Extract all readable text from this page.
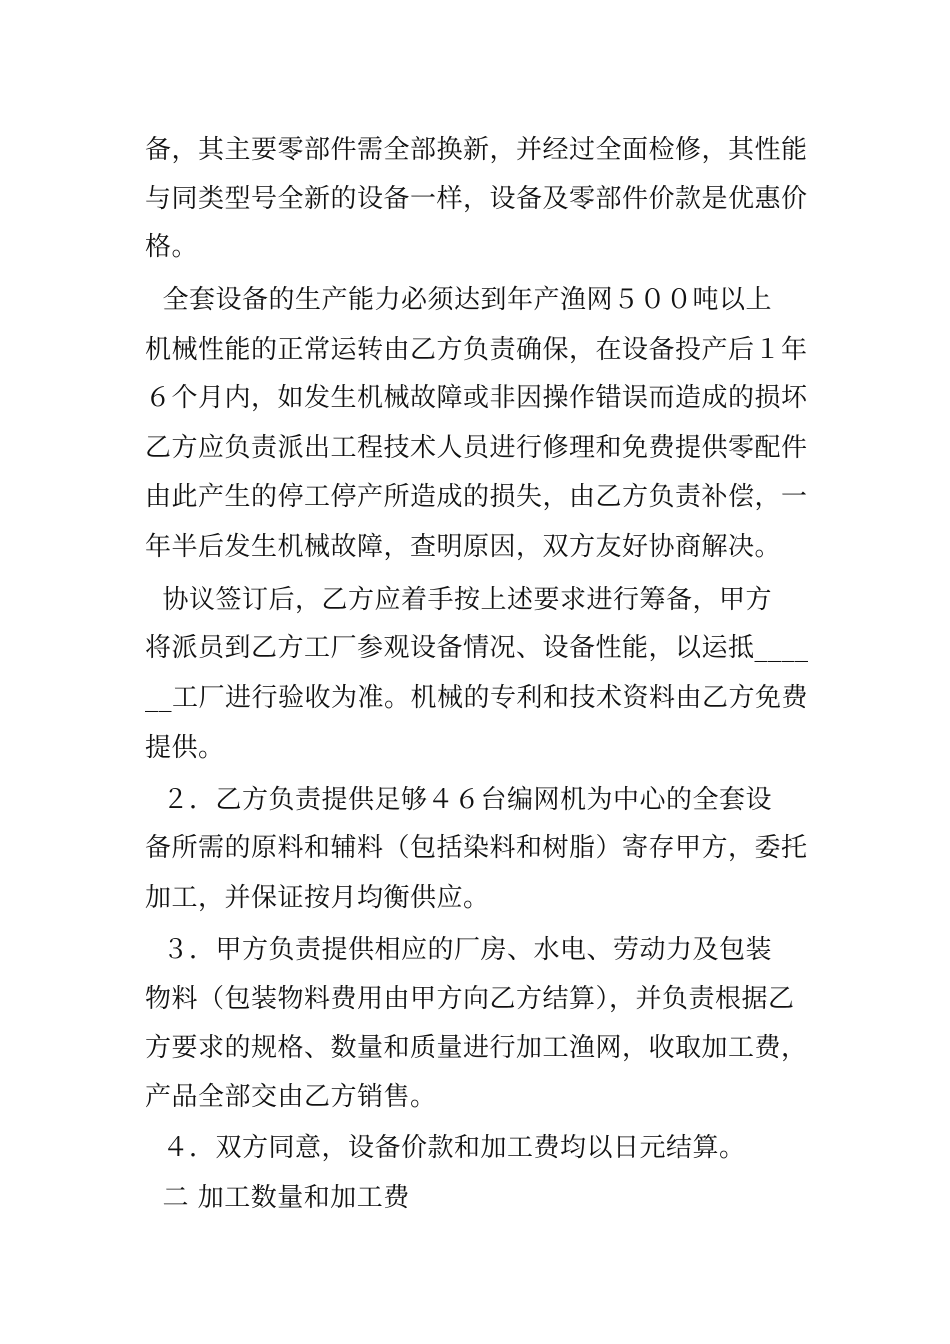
备，其主要零部件需全部换新，并经过全面检修，其性能
与同类型号全新的设备一样，设备及零部件价款是优惠价
格。
全套设备的生产能力必须达到年产渔网５００吨以上
机械性能的正常运转由乙方负责确保，在设备投产后１年
６个月内，如发生机械故障或非因操作错误而造成的损坏
乙方应负责派出工程技术人员进行修理和免费提供零配件
由此产生的停工停产所造成的损失，由乙方负责补偿，一
年半后发生机械故障，查明原因，双方友好协商解决。
协议签订后，乙方应着手按上述要求进行筹备，甲方
将派员到乙方工厂参观设备情况、设备性能，以运抵____
__工厂进行验收为准。机械的专利和技术资料由乙方免费
提供。
２．乙方负责提供足够４６台编网机为中心的全套设
备所需的原料和辅料（包括染料和树脂）寄存甲方，委托
加工，并保证按月均衡供应。
３．甲方负责提供相应的厂房、水电、劳动力及包装
物料（包装物料费用由甲方向乙方结算），并负责根据乙
方要求的规格、数量和质量进行加工渔网，收取加工费，
产品全部交由乙方销售。
４．双方同意，设备价款和加工费均以日元结算。
二 加工数量和加工费
